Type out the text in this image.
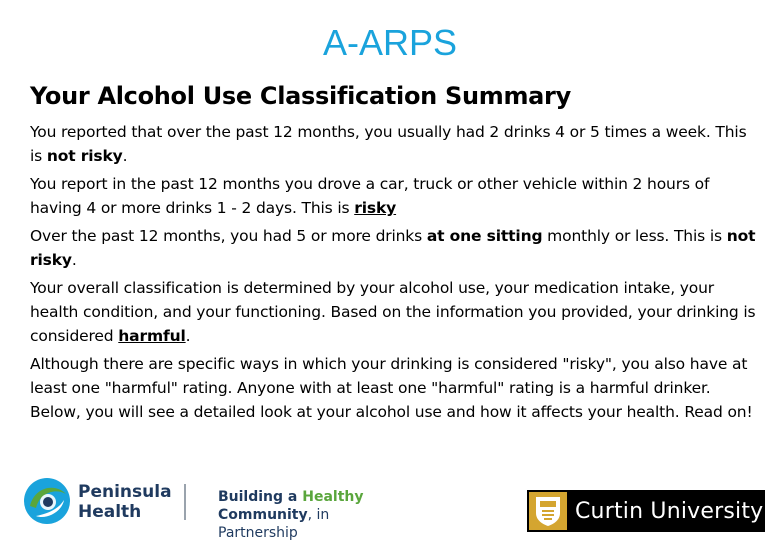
A-ARPS
Your Alcohol Use Classification Summary

You reported that over the past 12 months, you usually had 2 drinks 4 or 5 times a week. This is not risky.

You report in the past 12 months you drove a car, truck or other vehicle within 2 hours of having 4 or more drinks 1 - 2 days. This is risky

Over the past 12 months, you had 5 or more drinks at one sitting monthly or less. This is not risky.

Your overall classification is determined by your alcohol use, your medication intake, your health condition, and your functioning. Based on the information you provided, your drinking is considered harmful.

Although there are specific ways in which your drinking is considered "risky", you also have at least one "harmful" rating. Anyone with at least one "harmful" rating is a harmful drinker. Below, you will see a detailed look at your alcohol use and how it affects your health. Read on!

Peninsula
Health
Building a Healthy
Community, in Partnership
Curtin University
